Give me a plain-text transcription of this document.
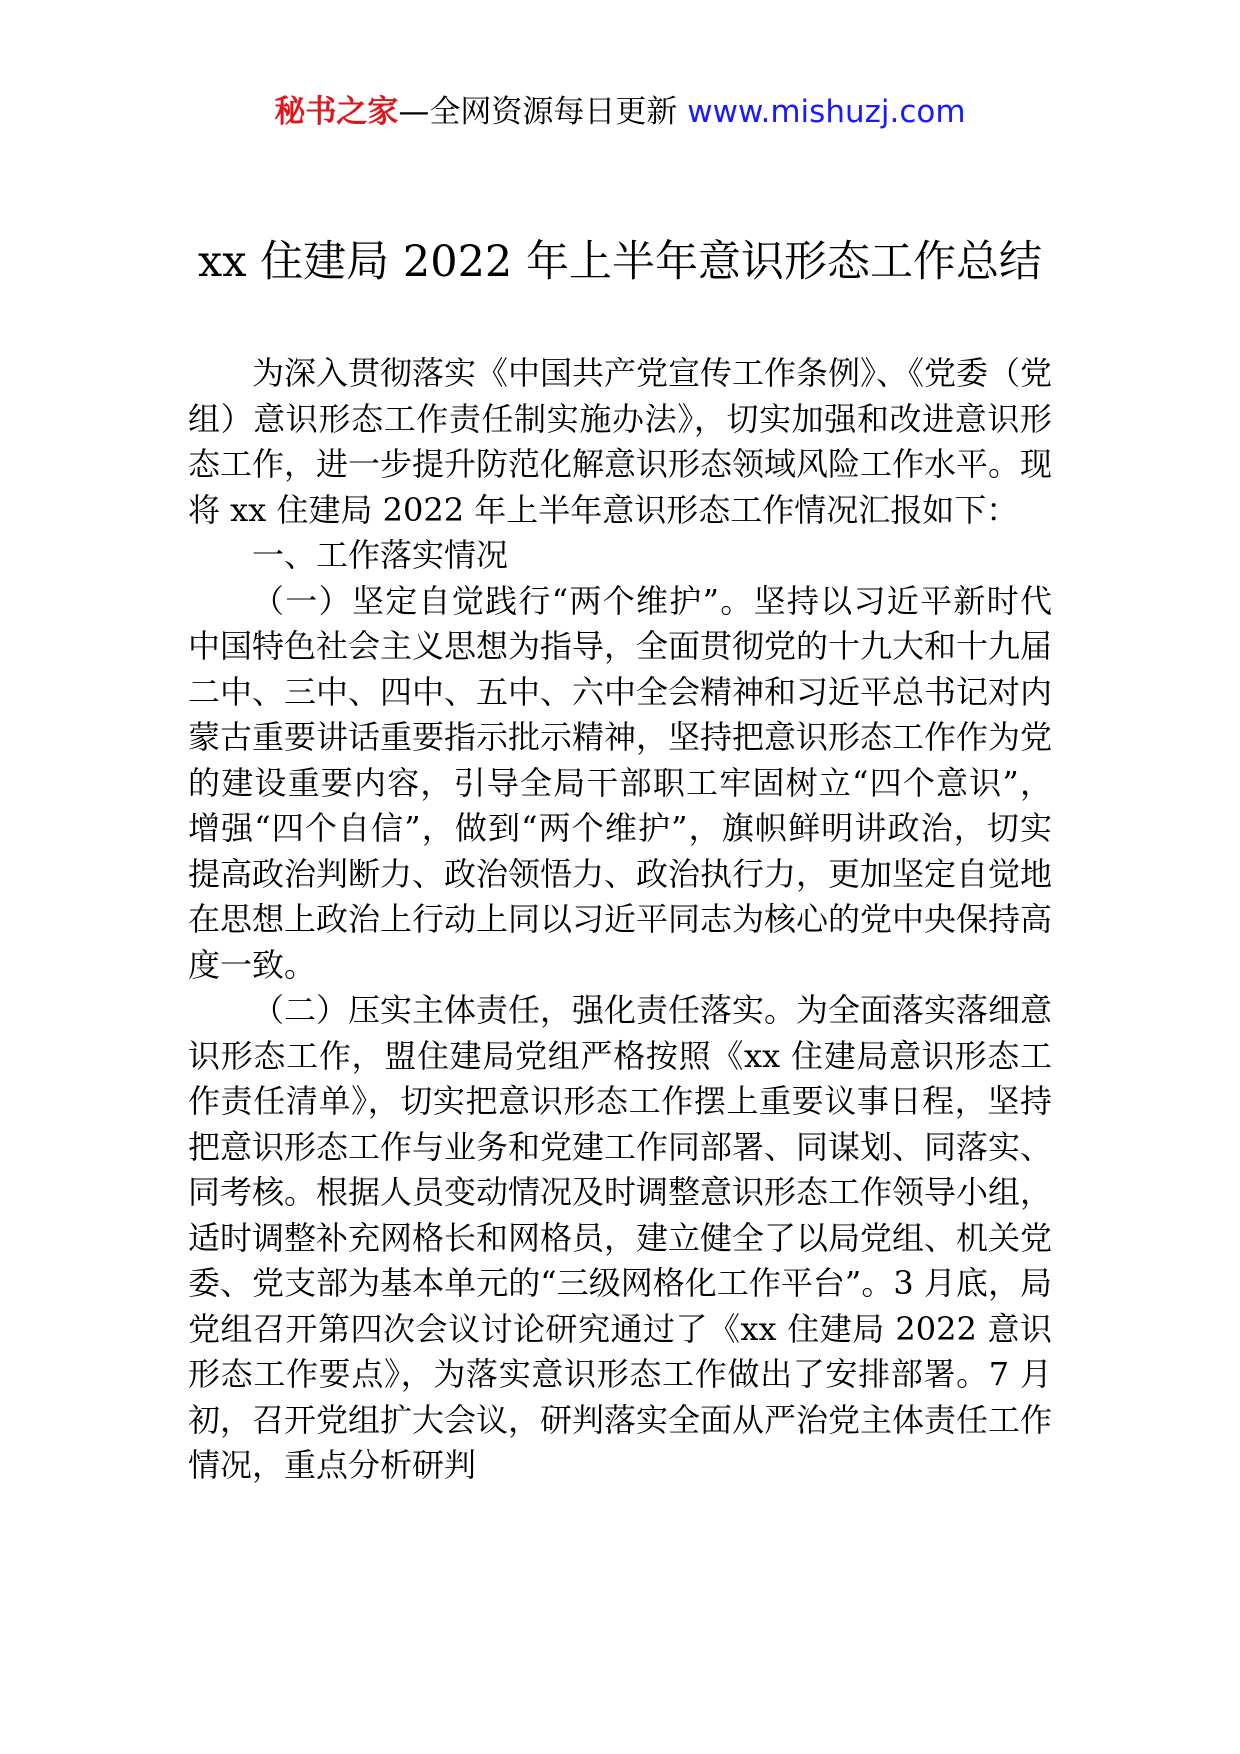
秘书之家—全网资源每日更新 www.mishuzj.com
xx 住建局 2022 年上半年意识形态工作总结

为深入贯彻落实《中国共产党宣传工作条例》、《党委（党组）意识形态工作责任制实施办法》，切实加强和改进意识形态工作，进一步提升防范化解意识形态领域风险工作水平。现将 xx 住建局 2022 年上半年意识形态工作情况汇报如下：

一、工作落实情况

（一）坚定自觉践行“两个维护”。坚持以习近平新时代中国特色社会主义思想为指导，全面贯彻党的十九大和十九届二中、三中、四中、五中、六中全会精神和习近平总书记对内蒙古重要讲话重要指示批示精神，坚持把意识形态工作作为党的建设重要内容，引导全局干部职工牢固树立“四个意识”，增强“四个自信”，做到“两个维护”，旗帜鲜明讲政治，切实提高政治判断力、政治领悟力、政治执行力，更加坚定自觉地在思想上政治上行动上同以习近平同志为核心的党中央保持高度一致。

（二）压实主体责任，强化责任落实。为全面落实落细意识形态工作，盟住建局党组严格按照《xx 住建局意识形态工作责任清单》，切实把意识形态工作摆上重要议事日程，坚持把意识形态工作与业务和党建工作同部署、同谋划、同落实、同考核。根据人员变动情况及时调整意识形态工作领导小组，适时调整补充网格长和网格员，建立健全了以局党组、机关党委、党支部为基本单元的“三级网格化工作平台”。3 月底，局党组召开第四次会议讨论研究通过了《xx 住建局 2022 意识形态工作要点》，为落实意识形态工作做出了安排部署。7 月初，召开党组扩大会议，研判落实全面从严治党主体责任工作情况，重点分析研判
